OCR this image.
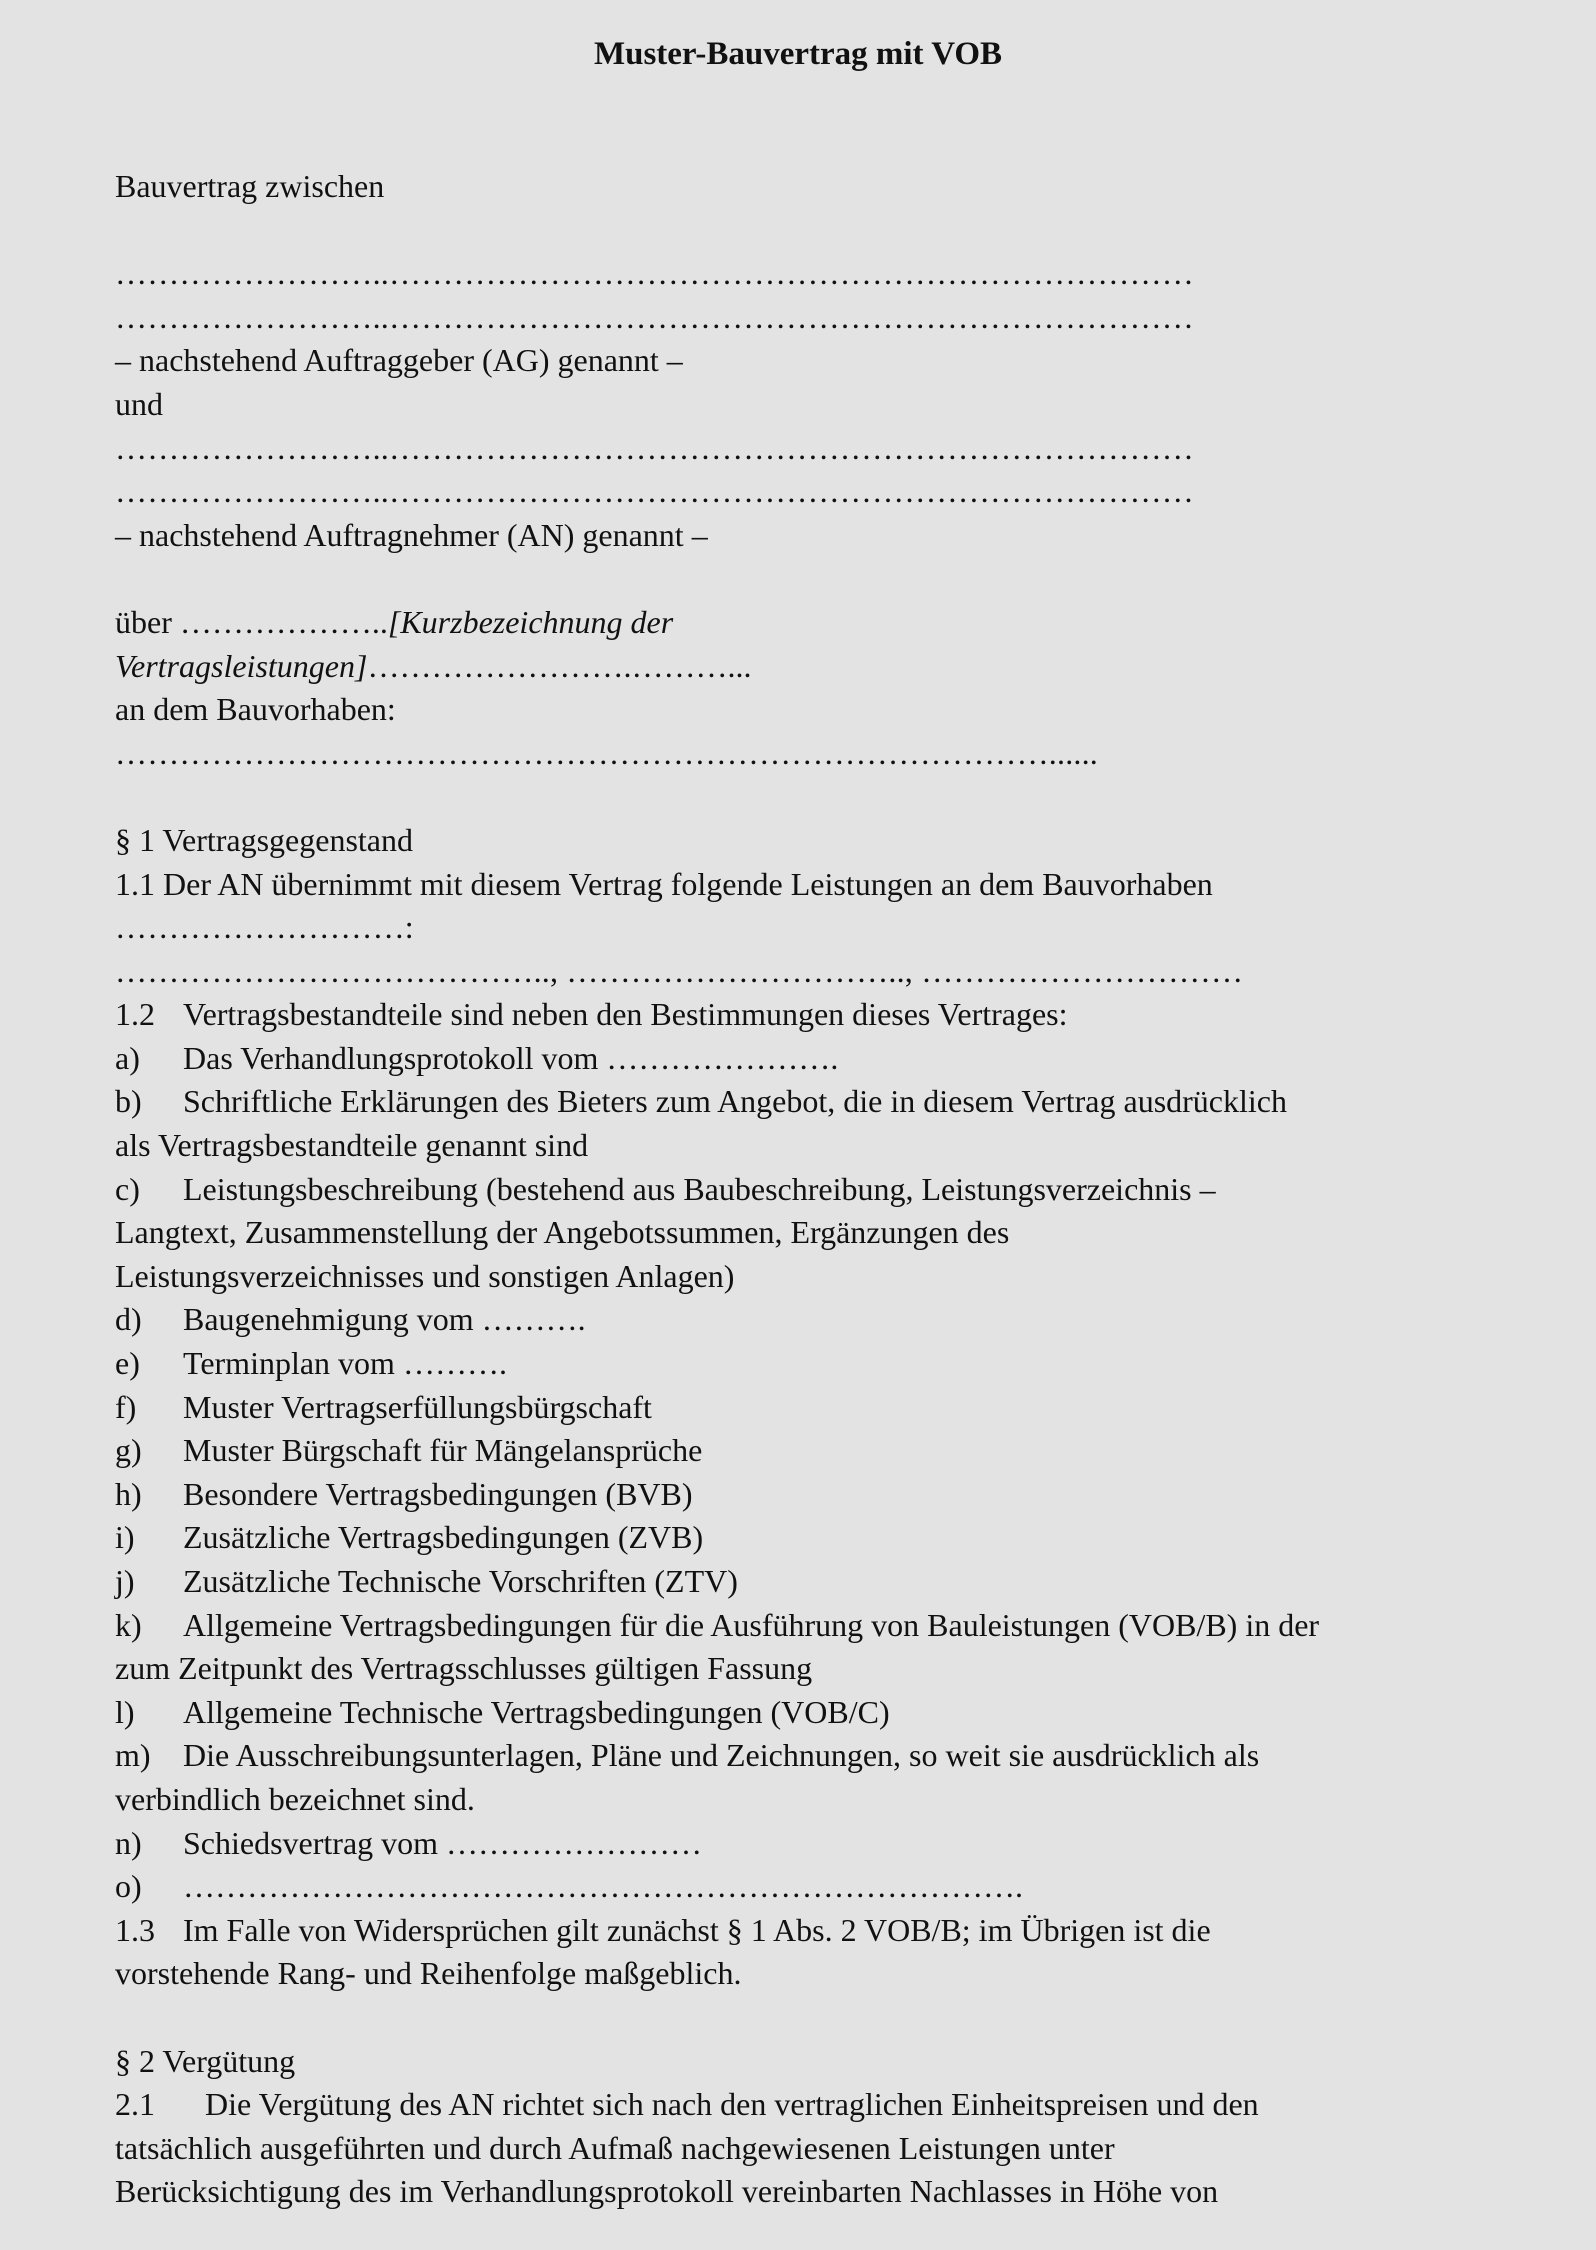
Muster-Bauvertrag mit VOB
Bauvertrag zwischen
……………………..…………………………………………………………………
……………………..…………………………………………………………………
– nachstehend Auftraggeber (AG) genannt –
und
……………………..…………………………………………………………………
……………………..…………………………………………………………………
– nachstehend Auftragnehmer (AN) genannt –
über ………………..[Kurzbezeichnung der
Vertragsleistungen]…………………….………...
an dem Bauvorhaben:
……………………………………………………………………………......
§ 1 Vertragsgegenstand
1.1 Der AN übernimmt mit diesem Vertrag folgende Leistungen an dem Bauvorhaben
………………………:
………………………………….., ………………………….., …………………………
1.2 Vertragsbestandteile sind neben den Bestimmungen dieses Vertrages:
a) Das Verhandlungsprotokoll vom ………………….
b) Schriftliche Erklärungen des Bieters zum Angebot, die in diesem Vertrag ausdrücklich
als Vertragsbestandteile genannt sind
c) Leistungsbeschreibung (bestehend aus Baubeschreibung, Leistungsverzeichnis –
Langtext, Zusammenstellung der Angebotssummen, Ergänzungen des
Leistungsverzeichnisses und sonstigen Anlagen)
d) Baugenehmigung vom ……….
e) Terminplan vom ……….
f) Muster Vertragserfüllungsbürgschaft
g) Muster Bürgschaft für Mängelansprüche
h) Besondere Vertragsbedingungen (BVB)
i) Zusätzliche Vertragsbedingungen (ZVB)
j) Zusätzliche Technische Vorschriften (ZTV)
k) Allgemeine Vertragsbedingungen für die Ausführung von Bauleistungen (VOB/B) in der
zum Zeitpunkt des Vertragsschlusses gültigen Fassung
l) Allgemeine Technische Vertragsbedingungen (VOB/C)
m) Die Ausschreibungsunterlagen, Pläne und Zeichnungen, so weit sie ausdrücklich als
verbindlich bezeichnet sind.
n) Schiedsvertrag vom ……………………
o) …………………………………………………………………….
1.3 Im Falle von Widersprüchen gilt zunächst § 1 Abs. 2 VOB/B; im Übrigen ist die
vorstehende Rang- und Reihenfolge maßgeblich.
§ 2 Vergütung
2.1 Die Vergütung des AN richtet sich nach den vertraglichen Einheitspreisen und den
tatsächlich ausgeführten und durch Aufmaß nachgewiesenen Leistungen unter
Berücksichtigung des im Verhandlungsprotokoll vereinbarten Nachlasses in Höhe von
